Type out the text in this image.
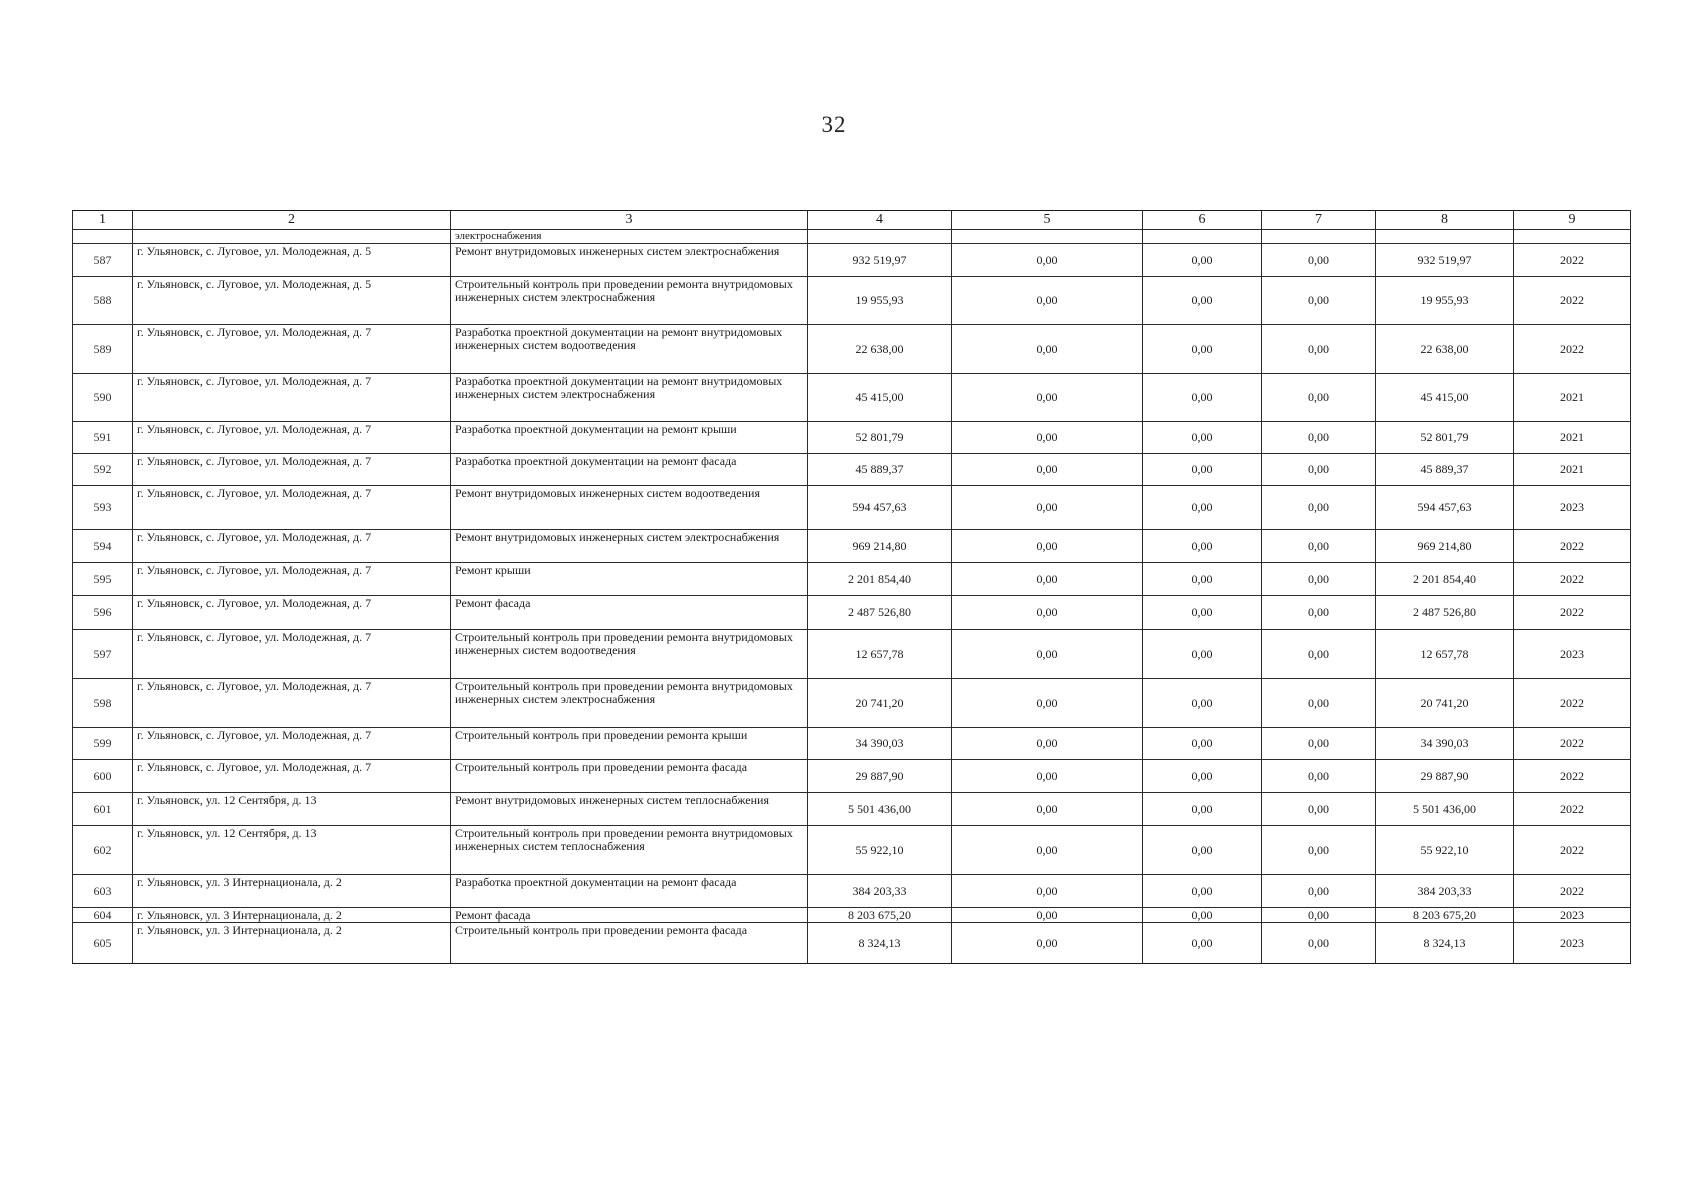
32
1	2	3	4	5	6	7	8	9
		электроснабжения						
587	г. Ульяновск, с. Луговое, ул. Молодежная, д. 5	Ремонт внутридомовых инженерных систем электроснабжения	932 519,97	0,00	0,00	0,00	932 519,97	2022
588	г. Ульяновск, с. Луговое, ул. Молодежная, д. 5	Строительный контроль при проведении ремонта внутридомовых инженерных систем электроснабжения	19 955,93	0,00	0,00	0,00	19 955,93	2022
589	г. Ульяновск, с. Луговое, ул. Молодежная, д. 7	Разработка проектной документации на ремонт внутридомовых инженерных систем водоотведения	22 638,00	0,00	0,00	0,00	22 638,00	2022
590	г. Ульяновск, с. Луговое, ул. Молодежная, д. 7	Разработка проектной документации на ремонт внутридомовых инженерных систем электроснабжения	45 415,00	0,00	0,00	0,00	45 415,00	2021
591	г. Ульяновск, с. Луговое, ул. Молодежная, д. 7	Разработка проектной документации на ремонт крыши	52 801,79	0,00	0,00	0,00	52 801,79	2021
592	г. Ульяновск, с. Луговое, ул. Молодежная, д. 7	Разработка проектной документации на ремонт фасада	45 889,37	0,00	0,00	0,00	45 889,37	2021
593	г. Ульяновск, с. Луговое, ул. Молодежная, д. 7	Ремонт внутридомовых инженерных систем водоотведения	594 457,63	0,00	0,00	0,00	594 457,63	2023
594	г. Ульяновск, с. Луговое, ул. Молодежная, д. 7	Ремонт внутридомовых инженерных систем электроснабжения	969 214,80	0,00	0,00	0,00	969 214,80	2022
595	г. Ульяновск, с. Луговое, ул. Молодежная, д. 7	Ремонт крыши	2 201 854,40	0,00	0,00	0,00	2 201 854,40	2022
596	г. Ульяновск, с. Луговое, ул. Молодежная, д. 7	Ремонт фасада	2 487 526,80	0,00	0,00	0,00	2 487 526,80	2022
597	г. Ульяновск, с. Луговое, ул. Молодежная, д. 7	Строительный контроль при проведении ремонта внутридомовых инженерных систем водоотведения	12 657,78	0,00	0,00	0,00	12 657,78	2023
598	г. Ульяновск, с. Луговое, ул. Молодежная, д. 7	Строительный контроль при проведении ремонта внутридомовых инженерных систем электроснабжения	20 741,20	0,00	0,00	0,00	20 741,20	2022
599	г. Ульяновск, с. Луговое, ул. Молодежная, д. 7	Строительный контроль при проведении ремонта крыши	34 390,03	0,00	0,00	0,00	34 390,03	2022
600	г. Ульяновск, с. Луговое, ул. Молодежная, д. 7	Строительный контроль при проведении ремонта фасада	29 887,90	0,00	0,00	0,00	29 887,90	2022
601	г. Ульяновск, ул. 12 Сентября, д. 13	Ремонт внутридомовых инженерных систем теплоснабжения	5 501 436,00	0,00	0,00	0,00	5 501 436,00	2022
602	г. Ульяновск, ул. 12 Сентября, д. 13	Строительный контроль при проведении ремонта внутридомовых инженерных систем теплоснабжения	55 922,10	0,00	0,00	0,00	55 922,10	2022
603	г. Ульяновск, ул. 3 Интернационала, д. 2	Разработка проектной документации на ремонт фасада	384 203,33	0,00	0,00	0,00	384 203,33	2022
604	г. Ульяновск, ул. 3 Интернационала, д. 2	Ремонт фасада	8 203 675,20	0,00	0,00	0,00	8 203 675,20	2023
605	г. Ульяновск, ул. 3 Интернационала, д. 2	Строительный контроль при проведении ремонта фасада	8 324,13	0,00	0,00	0,00	8 324,13	2023
